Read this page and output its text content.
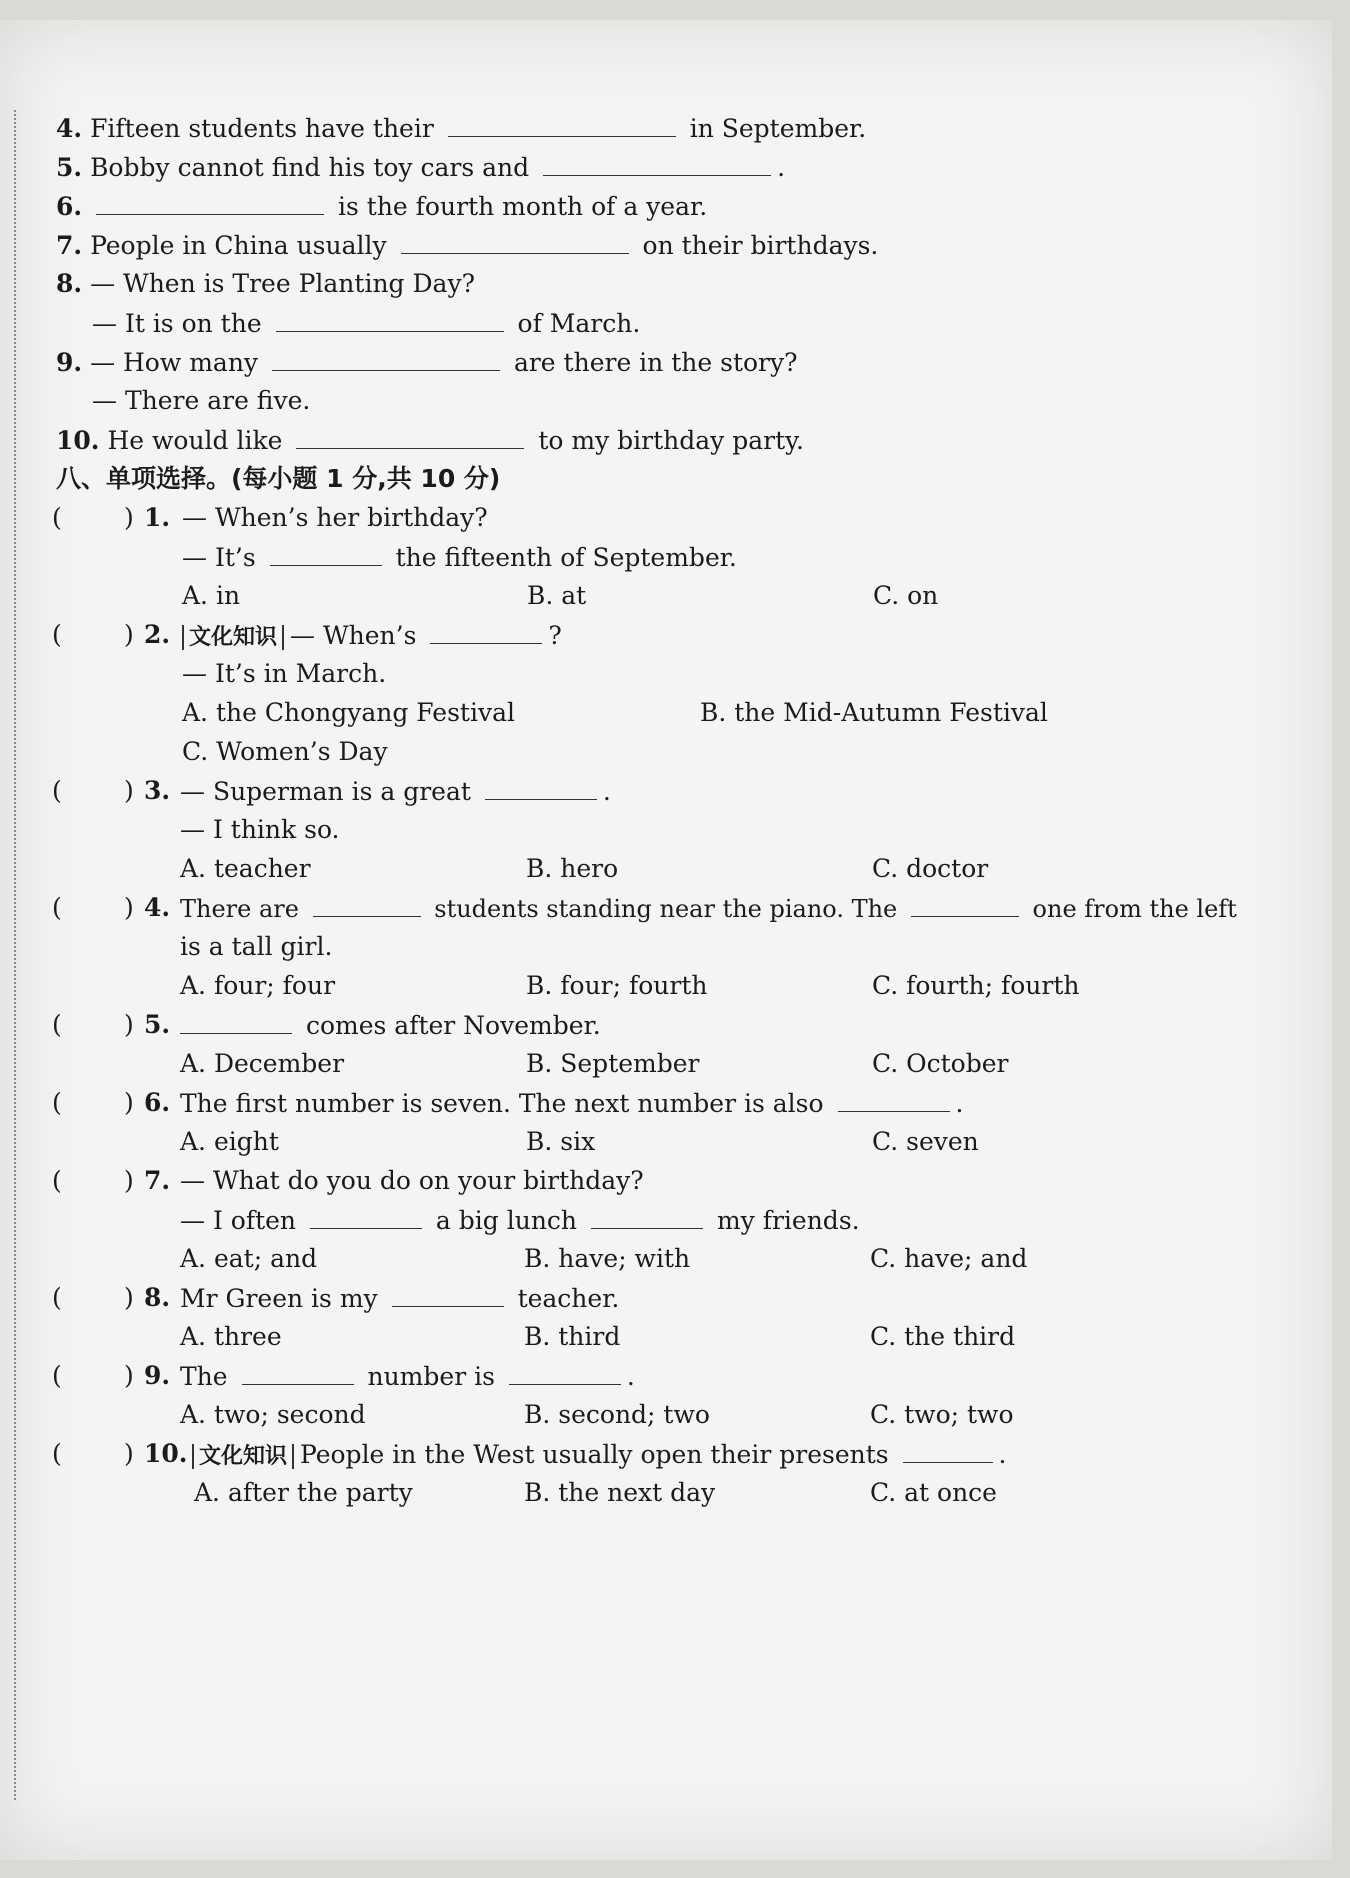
4. Fifteen students have their	in September.
5. Bobby cannot find his toy cars and	.
6.	is the fourth month of a year.
7. People in China usually	on their birthdays.
8. — When is Tree Planting Day?
— It is on the	of March.
9. — How many	are there in the story?
— There are five.
10. He would like	to my birthday party.
八、单项选择。(每小题 1 分,共 10 分)
( ) 1. — When’s her birthday?
— It’s	the fifteenth of September.
A. in	B. at	C. on
( ) 2. 文化知识 — When’s	?
— It’s in March.
A. the Chongyang Festival	B. the Mid-Autumn Festival
C. Women’s Day
( ) 3. — Superman is a great	.
— I think so.
A. teacher	B. hero	C. doctor
( ) 4. There are	students standing near the piano. The	one from the left
is a tall girl.
A. four; four	B. four; fourth	C. fourth; fourth
( ) 5.	comes after November.
A. December	B. September	C. October
( ) 6. The first number is seven. The next number is also	.
A. eight	B. six	C. seven
( ) 7. — What do you do on your birthday?
— I often	a big lunch	my friends.
A. eat; and	B. have; with	C. have; and
( ) 8. Mr Green is my	teacher.
A. three	B. third	C. the third
( ) 9. The	number is	.
A. two; second	B. second; two	C. two; two
( ) 10. 文化知识 People in the West usually open their presents	.
A. after the party	B. the next day	C. at once
